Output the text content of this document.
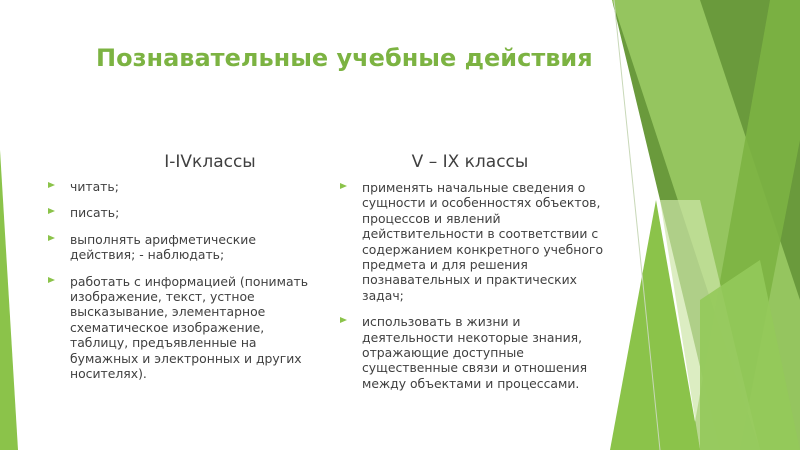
Познавательные учебные действия
I-IVклассы	V – IX классы
читать;
писать;
выполнять арифметические действия; - наблюдать;
работать с информацией (понимать изображение, текст, устное высказывание, элементарное схематическое изображение, таблицу, предъявленные на бумажных и электронных и других носителях).
применять начальные сведения о сущности и особенностях объектов, процессов и явлений действительности в соответствии с содержанием конкретного учебного предмета и для решения познавательных и практических задач;
использовать в жизни и деятельности некоторые знания, отражающие доступные существенные связи и отношения между объектами и процессами.
